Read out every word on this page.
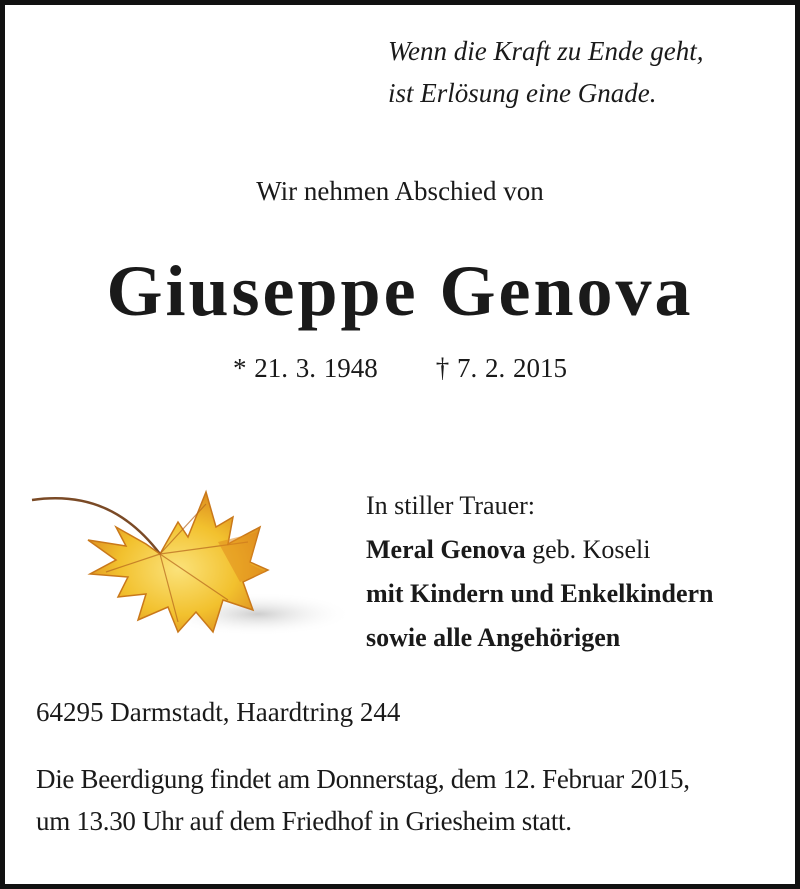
Wenn die Kraft zu Ende geht,
ist Erlösung eine Gnade.
Wir nehmen Abschied von
Giuseppe Genova
* 21. 3. 1948 † 7. 2. 2015
In stiller Trauer:
Meral Genova geb. Koseli
mit Kindern und Enkelkindern
sowie alle Angehörigen
64295 Darmstadt, Haardtring 244
Die Beerdigung findet am Donnerstag, dem 12. Februar 2015,
um 13.30 Uhr auf dem Friedhof in Griesheim statt.
